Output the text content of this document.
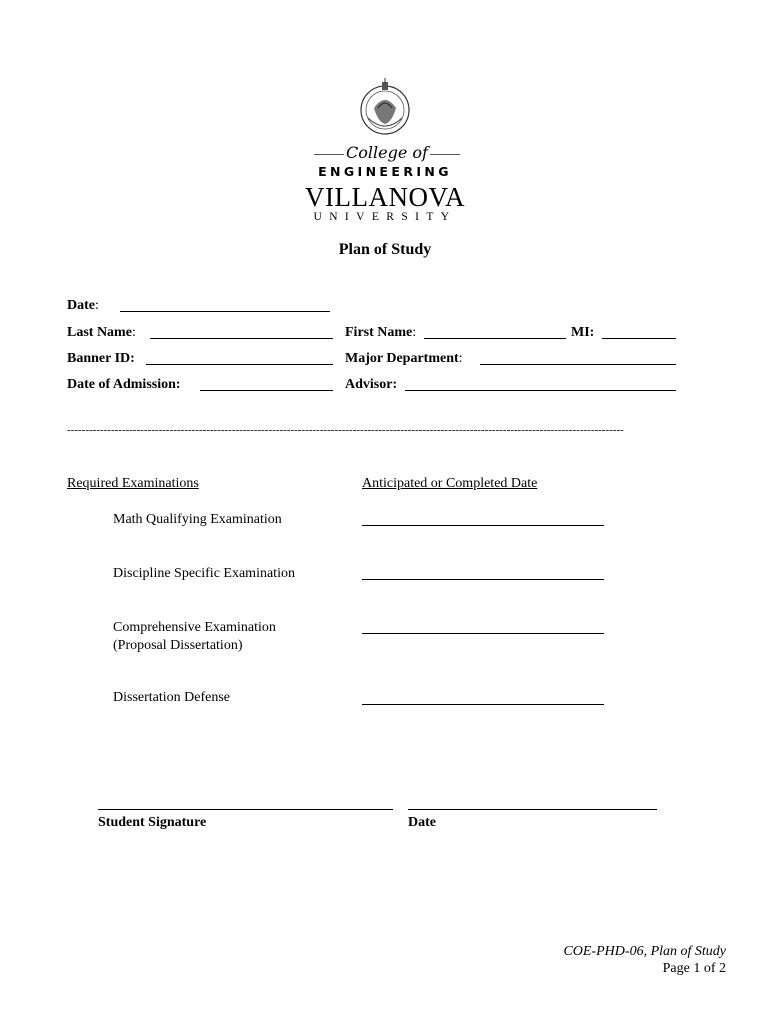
College of
ENGINEERING
VILLANOVA
UNIVERSITY
Plan of Study
Date:
Last Name:	First Name:	MI:
Banner ID:	Major Department:
Date of Admission:	Advisor:
--------------------------------------------------------------------------------------------------------------------------------------------------------
Required Examinations	Anticipated or Completed Date
Math Qualifying Examination
Discipline Specific Examination
Comprehensive Examination
(Proposal Dissertation)
Dissertation Defense
Student Signature	Date
COE-PHD-06, Plan of Study
Page 1 of 2
